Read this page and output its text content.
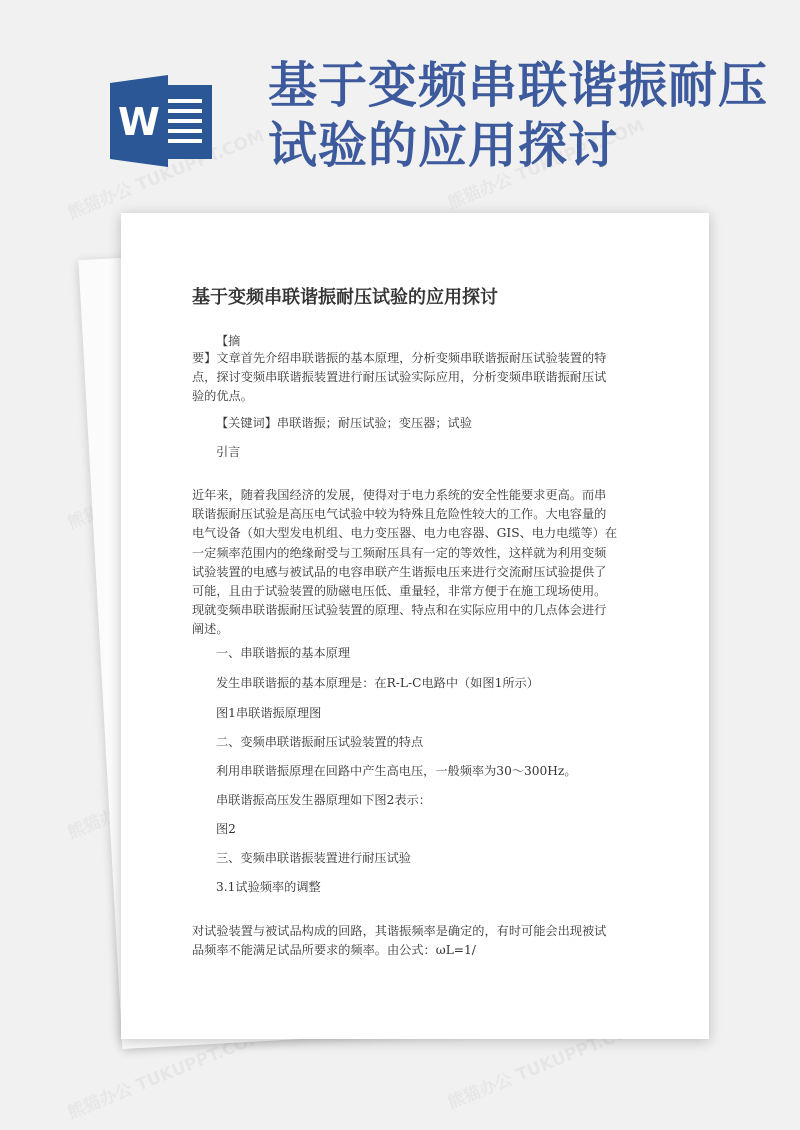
W
基于变频串联谐振耐压
试验的应用探讨
基于变频串联谐振耐压试验的应用探讨
【摘
要】文章首先介绍串联谐振的基本原理，分析变频串联谐振耐压试验装置的特
点，探讨变频串联谐振装置进行耐压试验实际应用，分析变频串联谐振耐压试
验的优点。
【关键词】串联谐振；耐压试验；变压器；试验
引言
近年来，随着我国经济的发展，使得对于电力系统的安全性能要求更高。而串
联谐振耐压试验是高压电气试验中较为特殊且危险性较大的工作。大电容量的
电气设备（如大型发电机组、电力变压器、电力电容器、GIS、电力电缆等）在
一定频率范围内的绝缘耐受与工频耐压具有一定的等效性，这样就为利用变频
试验装置的电感与被试品的电容串联产生谐振电压来进行交流耐压试验提供了
可能，且由于试验装置的励磁电压低、重量轻，非常方便于在施工现场使用。
现就变频串联谐振耐压试验装置的原理、特点和在实际应用中的几点体会进行
阐述。
一、串联谐振的基本原理
发生串联谐振的基本原理是：在R-L-C电路中（如图1所示）
图1串联谐振原理图
二、变频串联谐振耐压试验装置的特点
利用串联谐振原理在回路中产生高电压，一般频率为30～300Hz。
串联谐振高压发生器原理如下图2表示：
图2
三、变频串联谐振装置进行耐压试验
3.1试验频率的调整
对试验装置与被试品构成的回路，其谐振频率是确定的，有时可能会出现被试
品频率不能满足试品所要求的频率。由公式：ωL=1/
